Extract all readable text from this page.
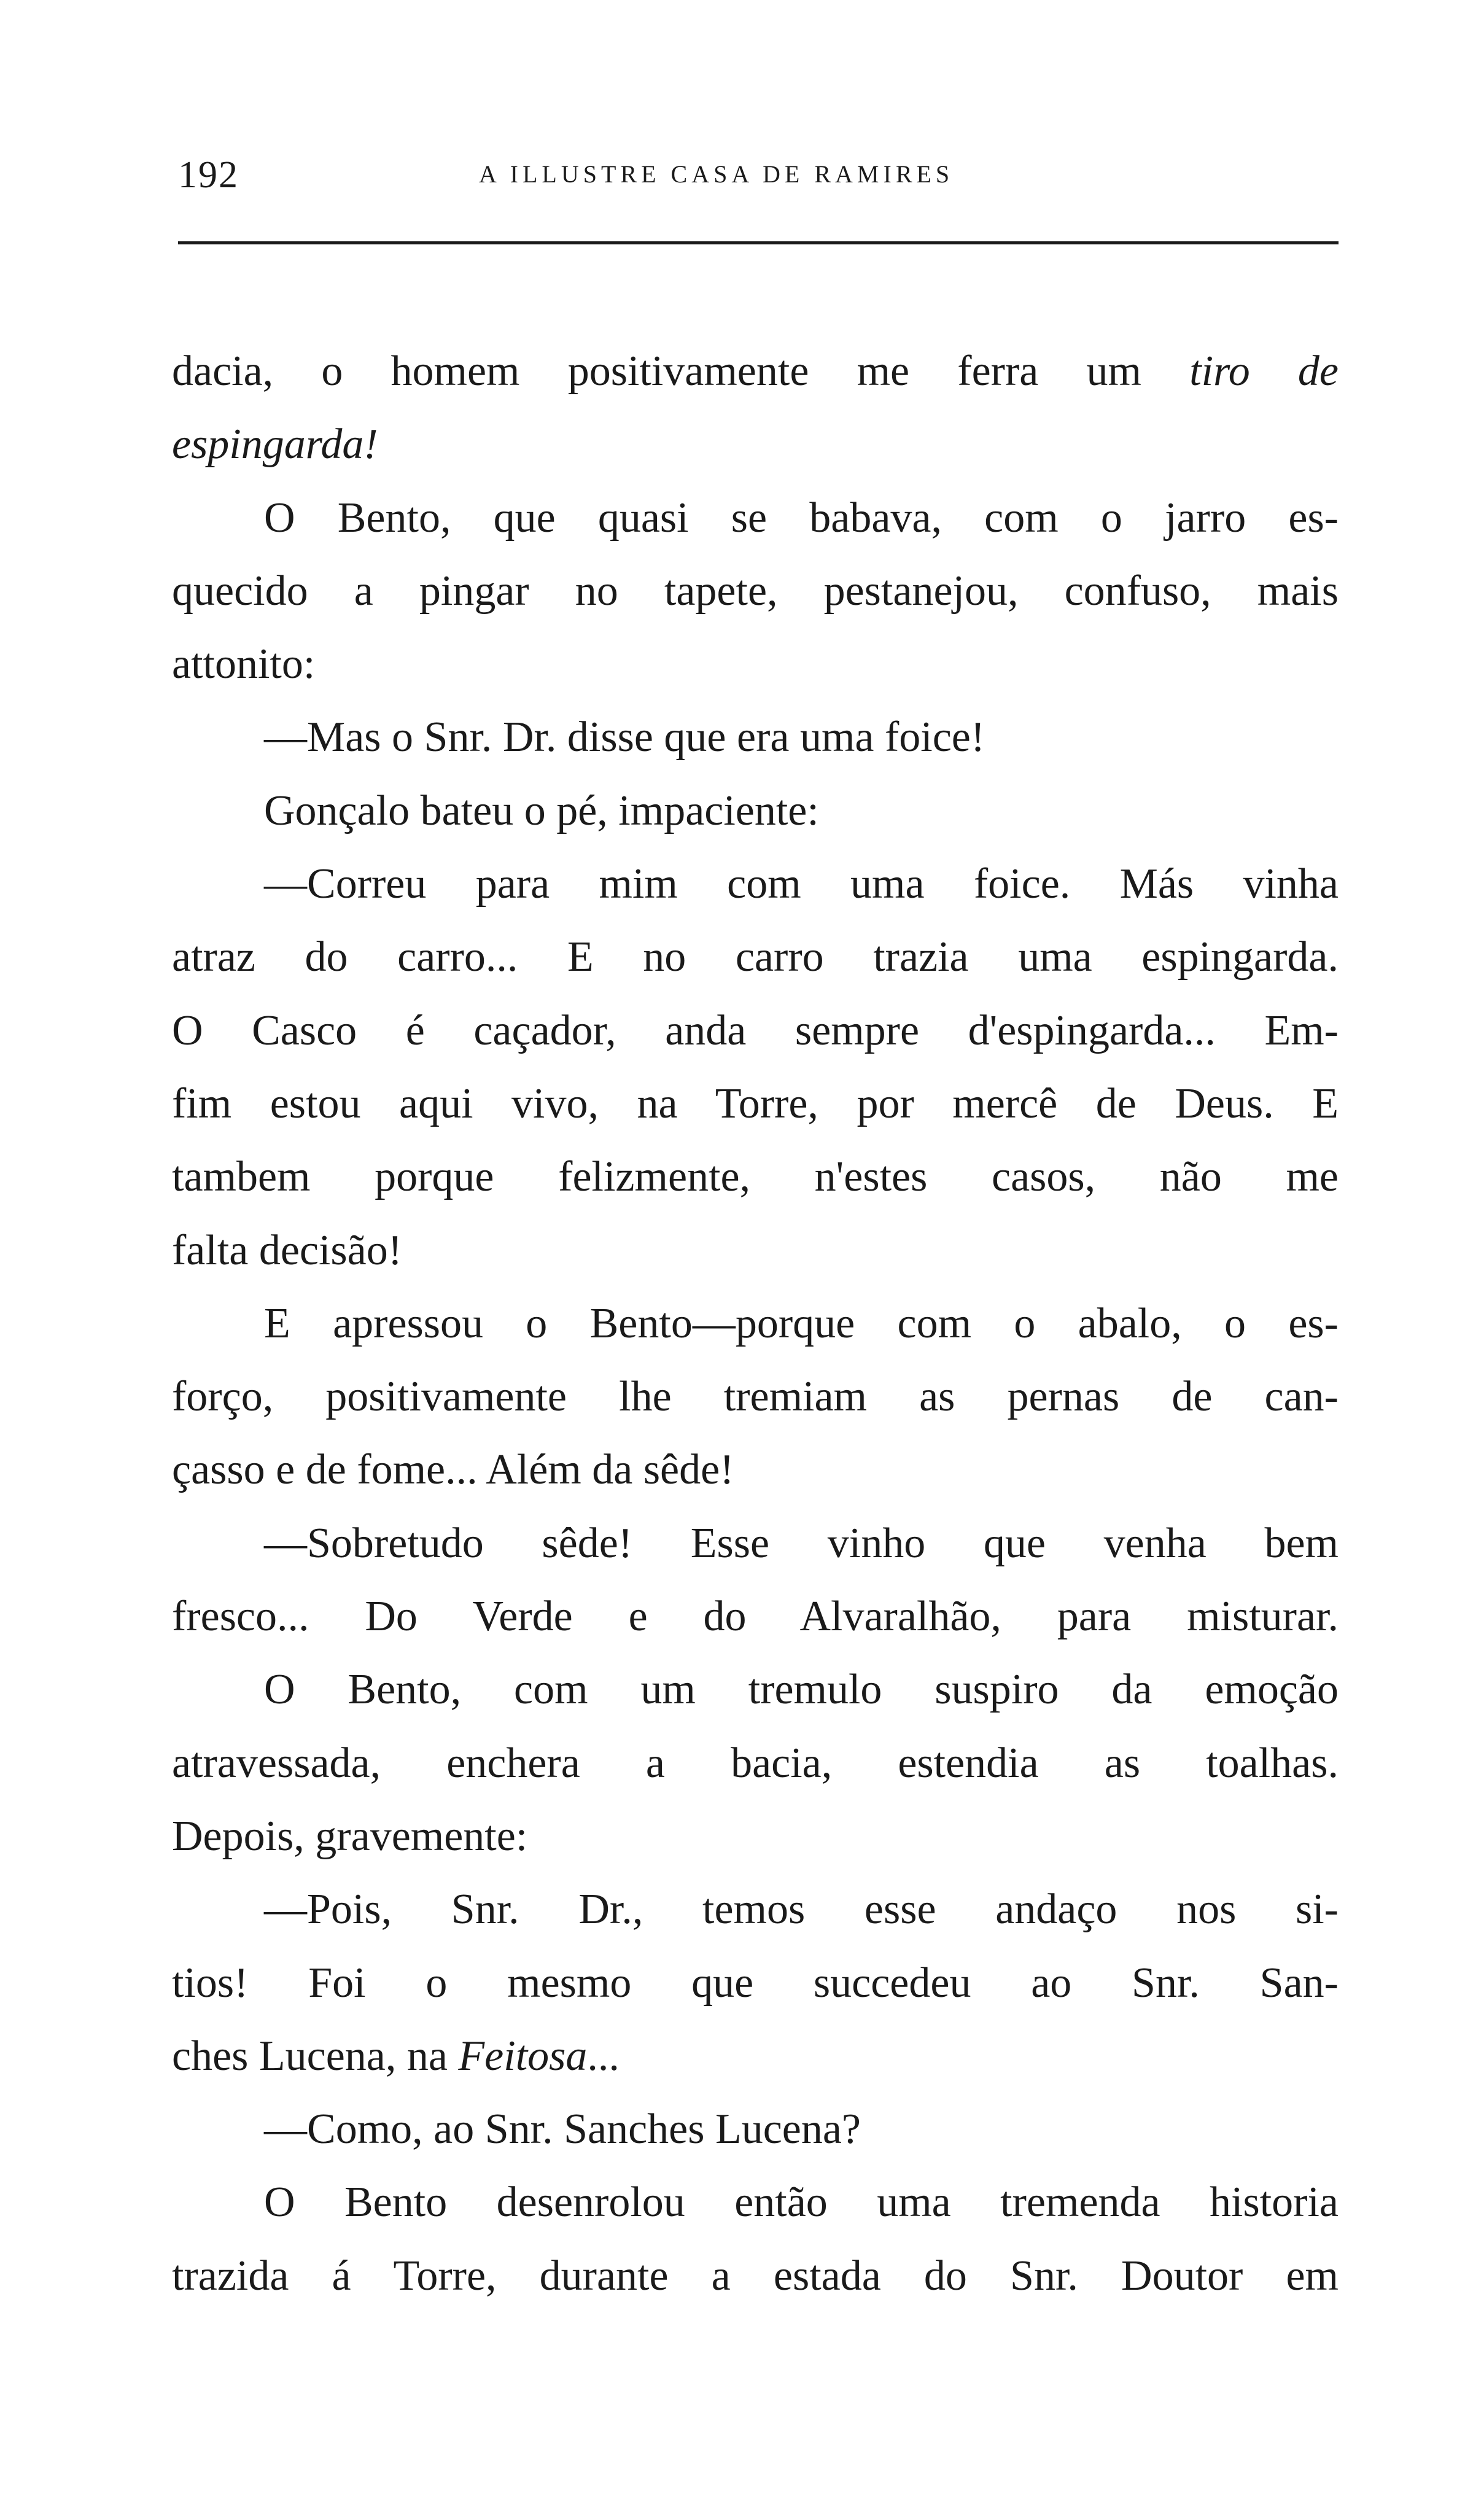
192	A ILLUSTRE CASA DE RAMIRES
dacia, o homem positivamente me ferra um tiro de
espingarda!
O Bento, que quasi se babava, com o jarro es-
quecido a pingar no tapete, pestanejou, confuso, mais
attonito:
—Mas o Snr. Dr. disse que era uma foice!
Gonçalo bateu o pé, impaciente:
—Correu para mim com uma foice. Más vinha
atraz do carro... E no carro trazia uma espingarda.
O Casco é caçador, anda sempre d'espingarda... Em-
fim estou aqui vivo, na Torre, por mercê de Deus. E
tambem porque felizmente, n'estes casos, não me
falta decisão!
E apressou o Bento—porque com o abalo, o es-
forço, positivamente lhe tremiam as pernas de can-
çasso e de fome... Além da sêde!
—Sobretudo sêde! Esse vinho que venha bem
fresco... Do Verde e do Alvaralhão, para misturar.
O Bento, com um tremulo suspiro da emoção
atravessada, enchera a bacia, estendia as toalhas.
Depois, gravemente:
—Pois, Snr. Dr., temos esse andaço nos si-
tios! Foi o mesmo que succedeu ao Snr. San-
ches Lucena, na Feitosa...
—Como, ao Snr. Sanches Lucena?
O Bento desenrolou então uma tremenda historia
trazida á Torre, durante a estada do Snr. Doutor em
